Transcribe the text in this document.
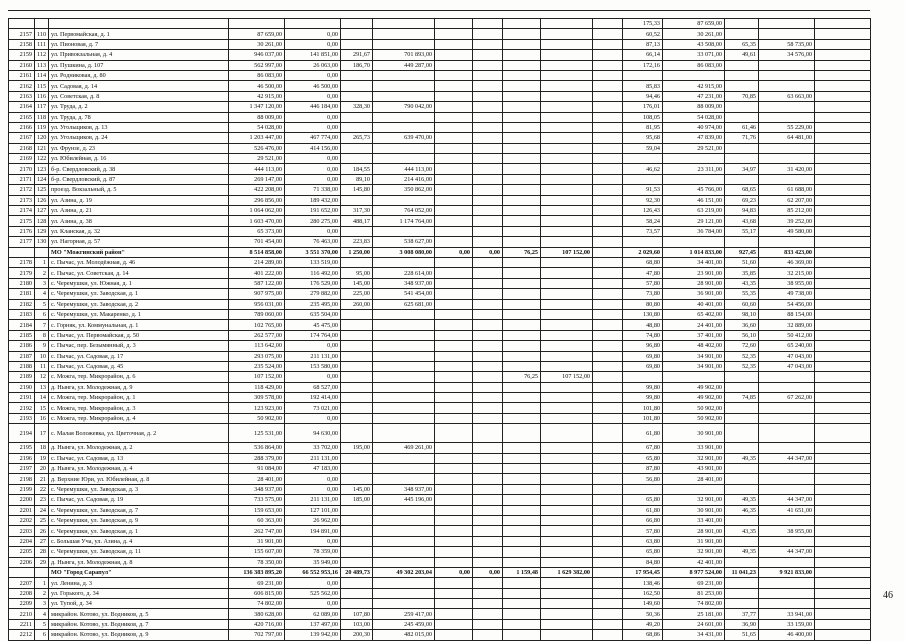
												175,33	87 659,00			
2157	110	ул. Первомайская, д. 1	87 659,00	0,00								60,52	30 261,00			
2158	111	ул. Пионовая, д. 7	30 261,00	0,00								87,13	43 508,00	65,35	58 735,00	
2159	112	ул. Привокзальная, д. 4	946 037,00	141 851,00	291,67	701 893,00						66,14	33 071,00	49,61	34 576,00	
2160	113	ул. Пушкина, д. 107	562 997,00	26 063,00	186,70	449 287,00						172,16	86 083,00			
2161	114	ул. Родниковая, д. 80	86 083,00	0,00												
2162	115	ул. Садовая, д. 14	46 500,00	46 500,00								85,83	42 915,00			
2163	116	ул. Советская, д. 8	42 915,00	0,00								94,46	47 231,00	70,85	63 663,00	
2164	117	ул. Труда, д. 2	1 347 120,00	446 184,00	328,30	790 042,00						176,01	88 009,00			
2165	118	ул. Труда, д. 78	88 009,00	0,00								108,05	54 028,00			
2166	119	ул. Угольщиков, д. 13	54 028,00	0,00								81,95	40 974,00	61,46	55 229,00	
2167	120	ул. Угольщиков, д. 24	1 203 447,00	467 774,00	265,73	639 470,00						95,68	47 839,00	71,76	64 481,00	
2168	121	ул. Фрунзе, д. 23	526 476,00	414 156,00								59,04	29 521,00			
2169	122	ул. Юбилейная, д. 16	29 521,00	0,00												
2170	123	б-р. Свердловский, д. 38	444 113,00	0,00	184,55	444 113,00						46,62	23 311,00	34,97	31 420,00	
2171	124	б-р. Свердловский, д. 87	269 147,00	0,00	89,10	214 416,00										
2172	125	проезд. Вокзальный, д. 5	422 208,00	71 338,00	145,80	350 862,00						91,53	45 766,00	68,65	61 688,00	
2173	126	ул. Азина, д. 19	296 856,00	189 432,00								92,30	46 151,00	69,23	62 207,00	
2174	127	ул. Азина, д. 21	1 064 062,00	191 652,00	317,30	764 052,00						126,43	63 219,00	94,83	85 212,00	
2175	128	ул. Азина, д. 38	1 603 470,00	280 275,00	488,17	1 174 764,00						58,24	29 121,00	43,68	39 252,00	
2176	129	ул. Кланская, д. 32	65 373,00	0,00								73,57	36 784,00	55,17	49 580,00	
2177	130	ул. Нагорная, д. 57	701 454,00	76 463,00	223,83	538 627,00										
		МО "Можгинский район"	8 514 858,00	3 551 370,00	1 250,00	3 008 080,00	0,00	0,00	76,25	107 152,00		2 029,60	1 014 833,00	927,45	833 423,00	
2178	1	с. Пычас, ул. Молодёжная, д. 46	214 289,00	133 519,00								68,80	34 401,00	51,60	46 369,00	
2179	2	с. Пычас, ул. Советская, д. 14	401 222,00	116 492,00	95,00	228 614,00						47,80	23 901,00	35,85	32 215,00	
2180	3	с. Черемушки, ул. Южная, д. 1	587 122,00	176 529,00	145,00	348 937,00						57,80	28 901,00	43,35	38 955,00	
2181	4	с. Черемушки, ул. Заводская, д. 1	907 975,00	279 882,00	225,00	541 454,00						73,80	36 901,00	55,35	49 738,00	
2182	5	с. Черемушки, ул. Заводская, д. 2	956 031,00	235 495,00	260,00	625 681,00						80,80	40 401,00	60,60	54 456,00	
2183	6	с. Черемушки, ул. Макаренко, д. 1	789 060,00	635 504,00								130,80	65 402,00	98,10	88 154,00	
2184	7	с. Горняк, ул. Коммунальная, д. 1	102 765,00	45 475,00								48,80	24 401,00	36,60	32 889,00	
2185	8	с. Пычас, ул. Первомайская, д. 50	262 577,00	174 764,00								74,80	37 401,00	56,10	50 412,00	
2186	9	с. Пычас, пер. Безымянный, д. 3	113 642,00	0,00								96,80	48 402,00	72,60	65 240,00	
2187	10	с. Пычас, ул. Садовая, д. 17	293 075,00	211 131,00								69,80	34 901,00	52,35	47 043,00	
2188	11	с. Пычас, ул. Садовая, д. 45	235 524,00	153 580,00								69,80	34 901,00	52,35	47 043,00	
2189	12	с. Можга, тер. Микрорайон, д. 6	107 152,00	0,00					76,25	107 152,00						
2190	13	д. Нынга, ул. Молодежная, д. 9	118 429,00	68 527,00								99,80	49 902,00			
2191	14	с. Можга, тер. Микрорайон, д. 1	309 578,00	192 414,00								99,80	49 902,00	74,85	67 262,00	
2192	15	с. Можга, тер. Микрорайон, д. 3	123 923,00	73 021,00								101,80	50 902,00			
2193	16	с. Можга, тер. Микрорайон, д. 4	50 902,00	0,00								101,80	50 902,00			
2194	17	с. Малая Воложевка, ул. Цветочная, д. 2	125 531,00	94 630,00								61,80	30 901,00			
2195	18	д. Нынга, ул. Молодежная, д. 2	536 864,00	33 702,00	195,00	469 261,00						67,80	33 901,00			
2196	19	с. Пычас, ул. Садовая, д. 13	288 379,00	211 131,00								65,80	32 901,00	49,35	44 347,00	
2197	20	д. Нынга, ул. Молодежная, д. 4	91 084,00	47 183,00								87,80	43 901,00			
2198	21	д. Верхние Юри, ул. Юбилейная, д. 8	28 401,00	0,00								56,80	28 401,00			
2199	22	с. Черемушки, ул. Заводская, д. 3	348 937,00	0,00	145,00	348 937,00										
2200	23	с. Пычас, ул. Садовая, д. 19	733 575,00	211 131,00	185,00	445 196,00						65,80	32 901,00	49,35	44 347,00	
2201	24	с. Черемушки, ул. Заводская, д. 7	159 653,00	127 101,00								61,80	30 901,00	46,35	41 651,00	
2202	25	с. Черемушки, ул. Заводская, д. 9	60 363,00	26 962,00								66,80	33 401,00			
2203	26	с. Черемушки, ул. Заводская, д. 1	262 747,00	194 891,00								57,80	28 901,00	43,35	38 955,00	
2204	27	с. Большая Уча, ул. Азина, д. 4	31 901,00	0,00								63,80	31 901,00			
2205	28	с. Черемушки, ул. Заводская, д. 11	155 607,00	78 359,00								65,80	32 901,00	49,35	44 347,00	
2206	29	д. Нынга, ул. Молодежная, д. 8	78 350,00	35 949,00								84,80	42 401,00			
		МО "Город Сарапул"	136 383 895,20	66 552 953,16	20 489,73	49 302 203,04	0,00	0,00	1 159,48	1 629 382,00		17 954,45	8 977 524,00	11 041,23	9 921 833,00	
2207	1	ул. Ленина, д. 3	69 231,00	0,00								138,46	69 231,00			
2208	2	ул. Горького, д. 34	606 815,00	525 562,00								162,50	81 253,00			
2209	3	ул. Тупой, д. 34	74 802,00	0,00								149,60	74 802,00			
2210	4	микрайон. Котово, ул. Водников, д. 5	380 628,00	62 089,00	107,80	259 417,00						50,36	25 181,00	37,77	33 941,00	
2211	5	микрайон. Котово, ул. Водников, д. 7	420 716,00	137 497,00	103,00	245 459,00						49,20	24 601,00	36,90	33 159,00	
2212	6	микрайон. Котово, ул. Водников, д. 9	702 797,00	139 942,00	200,30	482 015,00						68,86	34 431,00	51,65	46 400,00	
46
